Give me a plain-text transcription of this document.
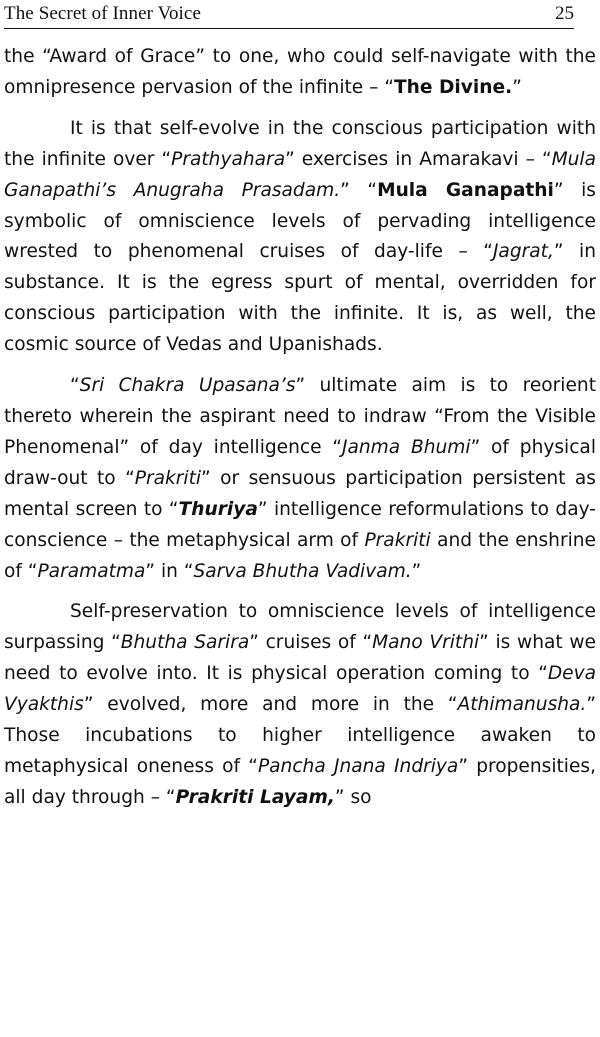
The Secret of Inner Voice	25

the “Award of Grace” to one, who could self-navigate with the omnipresence pervasion of the infinite – “The Divine.”

It is that self-evolve in the conscious participation with the infinite over “Prathyahara” exercises in Amarakavi – “Mula Ganapathi’s Anugraha Prasadam.” “Mula Ganapathi” is symbolic of omniscience levels of pervading intelligence wrested to phenomenal cruises of day-life – “Jagrat,” in substance. It is the egress spurt of mental, overridden for conscious participation with the infinite. It is, as well, the cosmic source of Vedas and Upanishads.

“Sri Chakra Upasana’s” ultimate aim is to reorient thereto wherein the aspirant need to indraw “From the Visible Phenomenal” of day intelligence “Janma Bhumi” of physical draw-out to “Prakriti” or sensuous participation persistent as mental screen to “Thuriya” intelligence reformulations to day-conscience – the metaphysical arm of Prakriti and the enshrine of “Paramatma” in “Sarva Bhutha Vadivam.”

Self-preservation to omniscience levels of intelligence surpassing “Bhutha Sarira” cruises of “Mano Vrithi” is what we need to evolve into. It is physical operation coming to “Deva Vyakthis” evolved, more and more in the “Athimanusha.” Those incubations to higher intelligence awaken to metaphysical oneness of “Pancha Jnana Indriya” propensities, all day through – “Prakriti Layam,” so
